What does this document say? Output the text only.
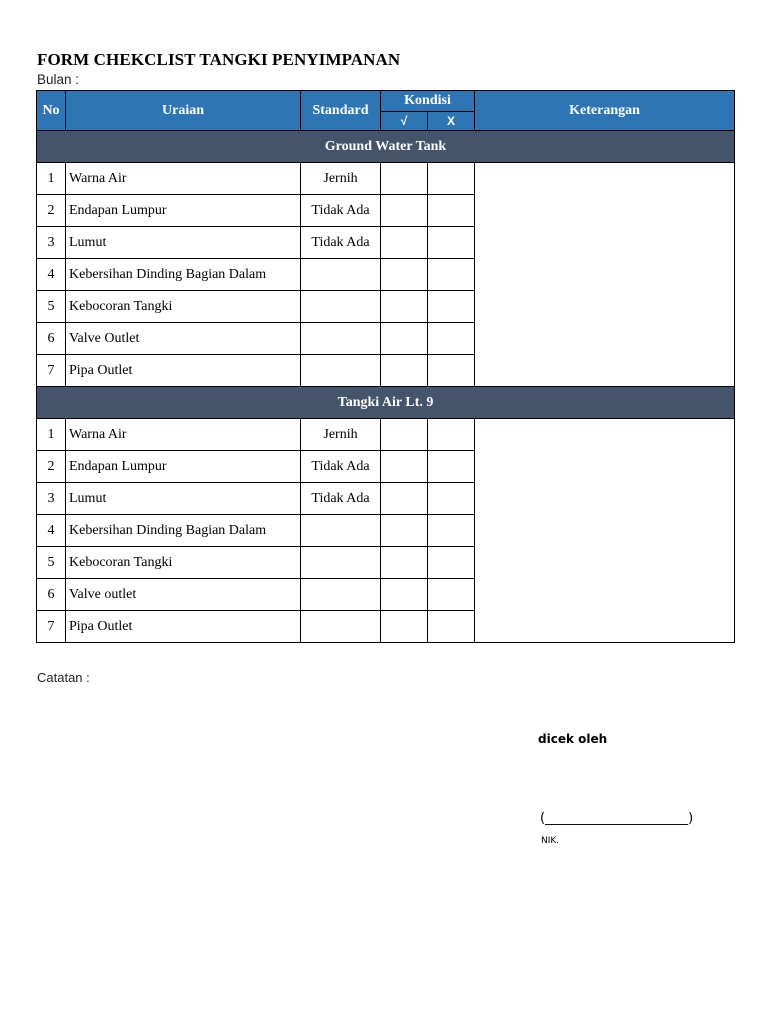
FORM CHEKCLIST TANGKI PENYIMPANAN
Bulan :
No	Uraian	Standard	Kondisi		Keterangan
			√	X	
Ground Water Tank					
1	Warna Air	Jernih			
2	Endapan Lumpur	Tidak Ada			
3	Lumut	Tidak Ada			
4	Kebersihan Dinding Bagian Dalam				
5	Kebocoran Tangki				
6	Valve Outlet				
7	Pipa Outlet				
Tangki Air Lt. 9					
1	Warna Air	Jernih			
2	Endapan Lumpur	Tidak Ada			
3	Lumut	Tidak Ada			
4	Kebersihan Dinding Bagian Dalam				
5	Kebocoran Tangki				
6	Valve outlet				
7	Pipa Outlet				
Catatan :
dicek oleh
(______________________)
NIK.
